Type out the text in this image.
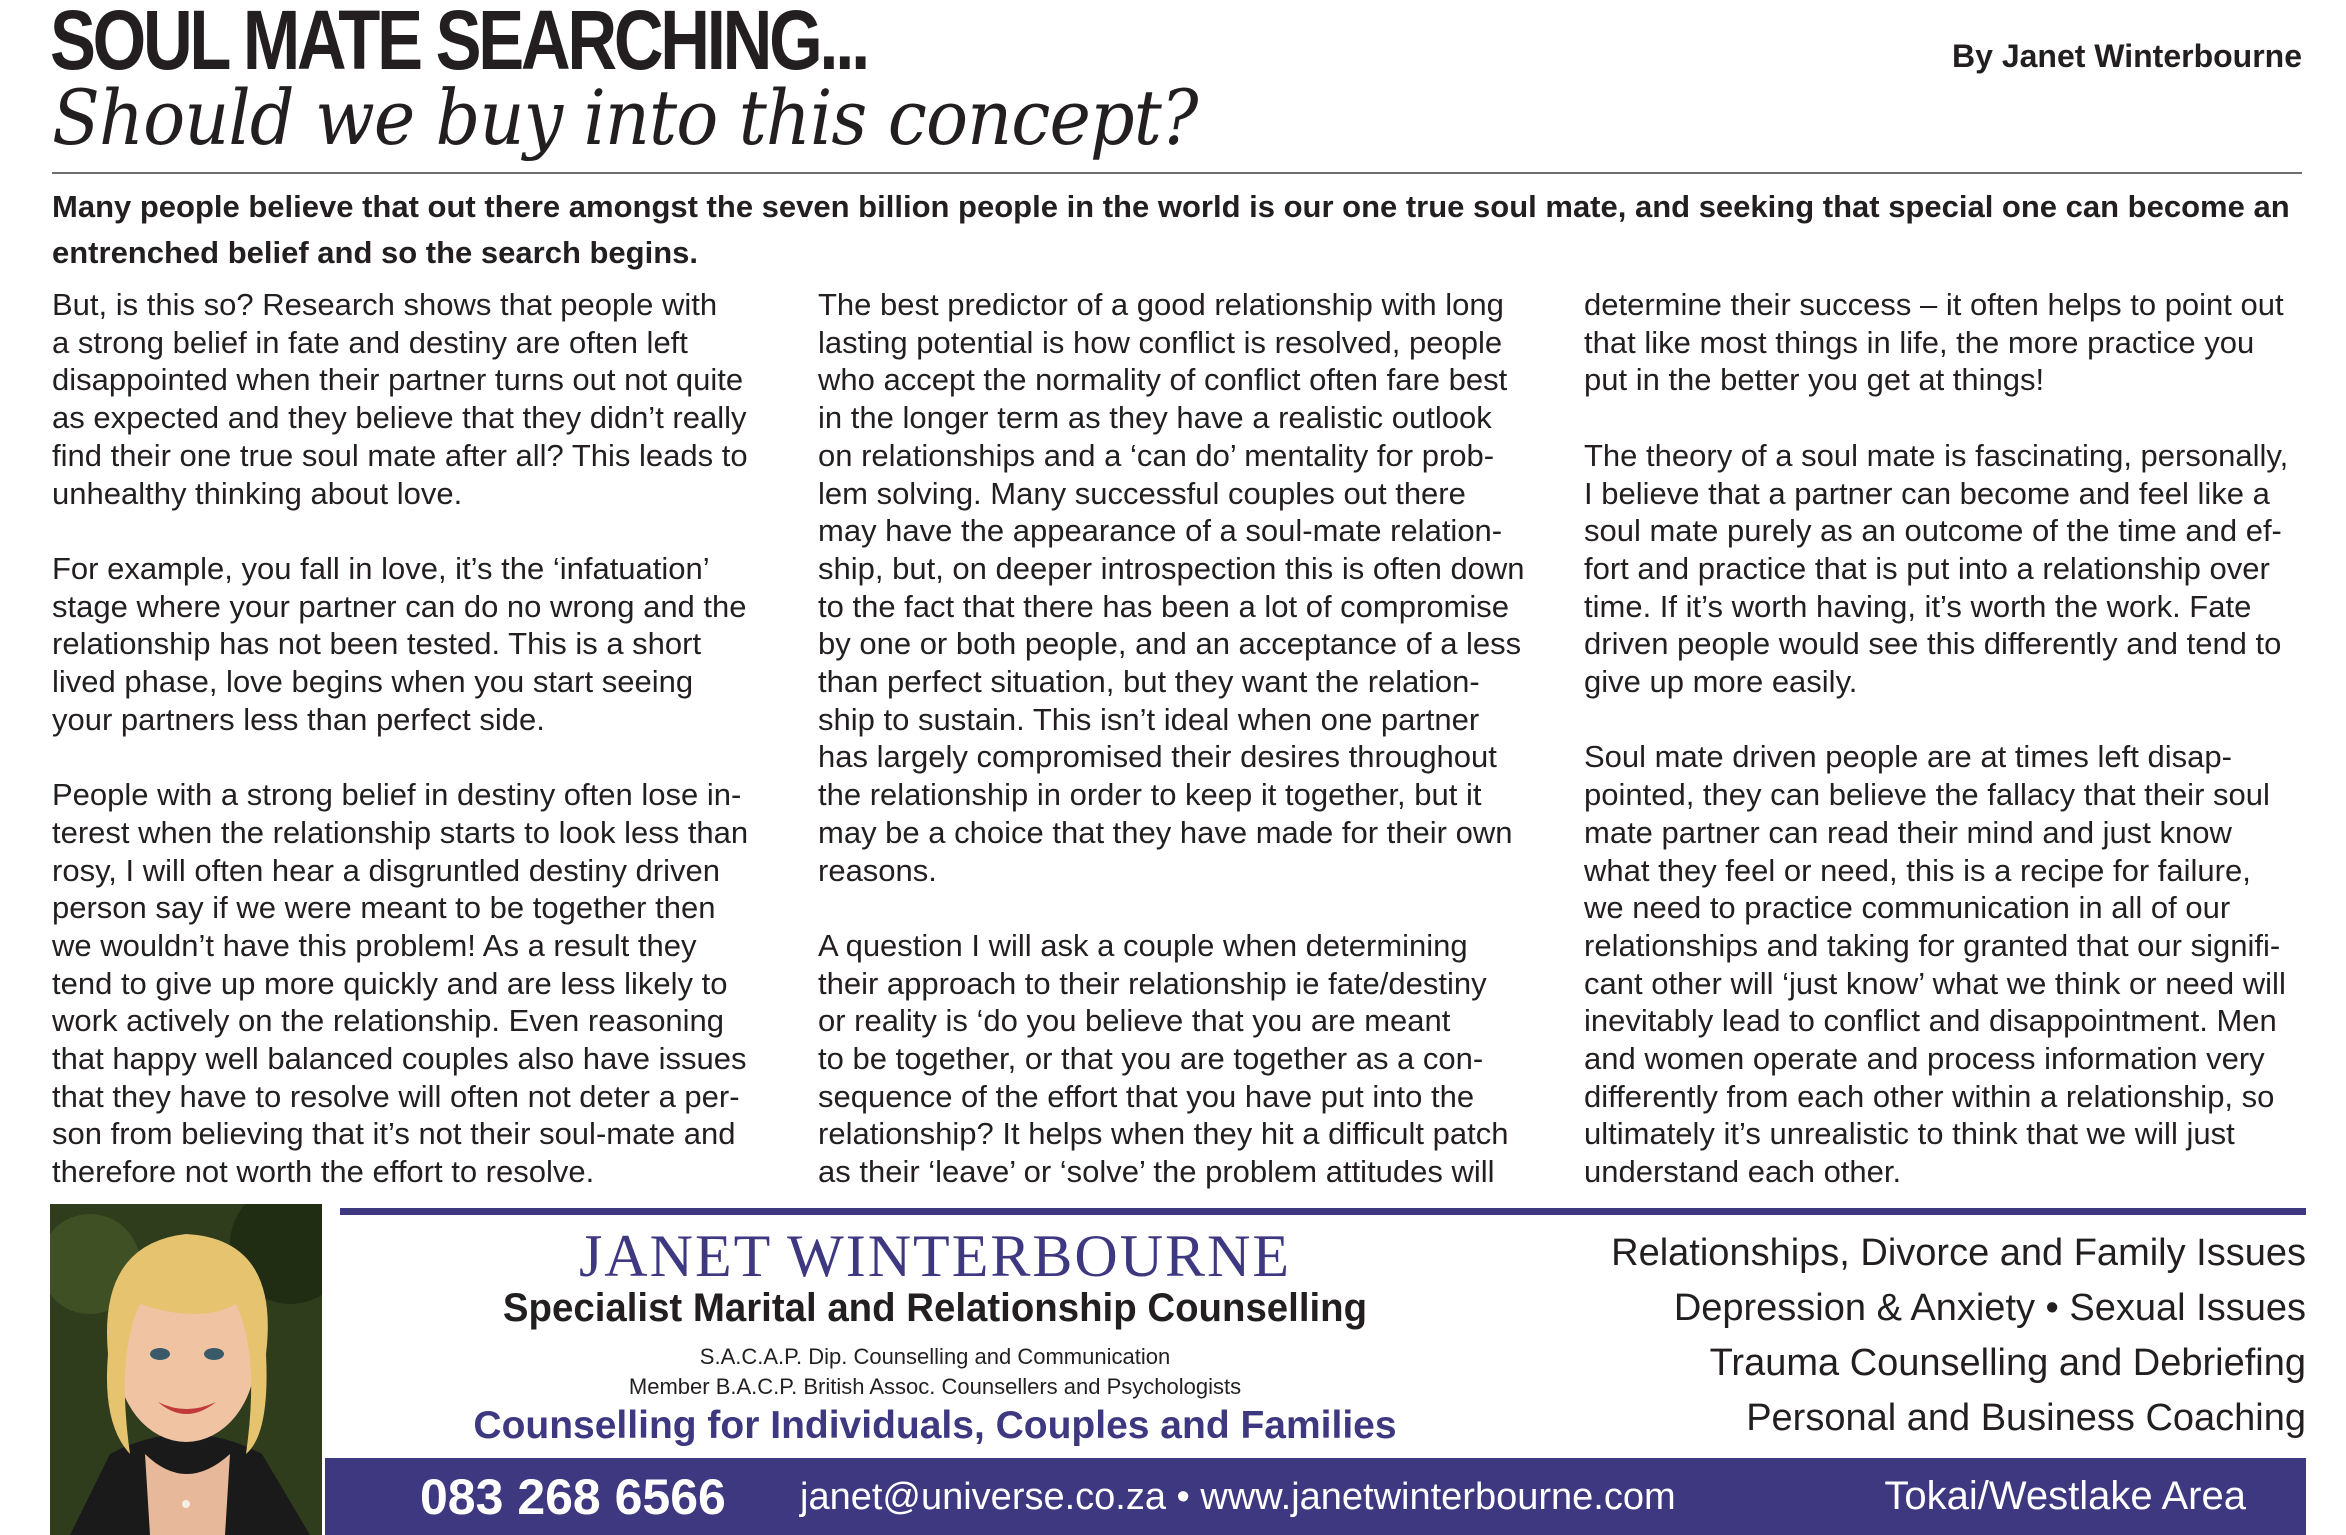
SOUL MATE SEARCHING...
Should we buy into this concept?
By Janet Winterbourne

Many people believe that out there amongst the seven billion people in the world is our one true soul mate, and seeking that special one can become an entrenched belief and so the search begins.

But, is this so? Research shows that people with
a strong belief in fate and destiny are often left
disappointed when their partner turns out not quite
as expected and they believe that they didn’t really
find their one true soul mate after all? This leads to
unhealthy thinking about love.

For example, you fall in love, it’s the ‘infatuation’
stage where your partner can do no wrong and the
relationship has not been tested. This is a short
lived phase, love begins when you start seeing
your partners less than perfect side.

People with a strong belief in destiny often lose in-
terest when the relationship starts to look less than
rosy, I will often hear a disgruntled destiny driven
person say if we were meant to be together then
we wouldn’t have this problem! As a result they
tend to give up more quickly and are less likely to
work actively on the relationship. Even reasoning
that happy well balanced couples also have issues
that they have to resolve will often not deter a per-
son from believing that it’s not their soul-mate and
therefore not worth the effort to resolve.

The best predictor of a good relationship with long
lasting potential is how conflict is resolved, people
who accept the normality of conflict often fare best
in the longer term as they have a realistic outlook
on relationships and a ‘can do’ mentality for prob-
lem solving. Many successful couples out there
may have the appearance of a soul-mate relation-
ship, but, on deeper introspection this is often down
to the fact that there has been a lot of compromise
by one or both people, and an acceptance of a less
than perfect situation, but they want the relation-
ship to sustain. This isn’t ideal when one partner
has largely compromised their desires throughout
the relationship in order to keep it together, but it
may be a choice that they have made for their own
reasons.

A question I will ask a couple when determining
their approach to their relationship ie fate/destiny
or reality is ‘do you believe that you are meant
to be together, or that you are together as a con-
sequence of the effort that you have put into the
relationship? It helps when they hit a difficult patch
as their ‘leave’ or ‘solve’ the problem attitudes will

determine their success – it often helps to point out
that like most things in life, the more practice you
put in the better you get at things!

The theory of a soul mate is fascinating, personally,
I believe that a partner can become and feel like a
soul mate purely as an outcome of the time and ef-
fort and practice that is put into a relationship over
time. If it’s worth having, it’s worth the work. Fate
driven people would see this differently and tend to
give up more easily.

Soul mate driven people are at times left disap-
pointed, they can believe the fallacy that their soul
mate partner can read their mind and just know
what they feel or need, this is a recipe for failure,
we need to practice communication in all of our
relationships and taking for granted that our signifi-
cant other will ‘just know’ what we think or need will
inevitably lead to conflict and disappointment. Men
and women operate and process information very
differently from each other within a relationship, so
ultimately it’s unrealistic to think that we will just
understand each other.

JANET WINTERBOURNE
Specialist Marital and Relationship Counselling
S.A.C.A.P. Dip. Counselling and Communication
Member B.A.C.P. British Assoc. Counsellers and Psychologists
Counselling for Individuals, Couples and Families
Relationships, Divorce and Family Issues
Depression & Anxiety • Sexual Issues
Trauma Counselling and Debriefing
Personal and Business Coaching
083 268 6566 janet@universe.co.za • www.janetwinterbourne.com	Tokai/Westlake Area
